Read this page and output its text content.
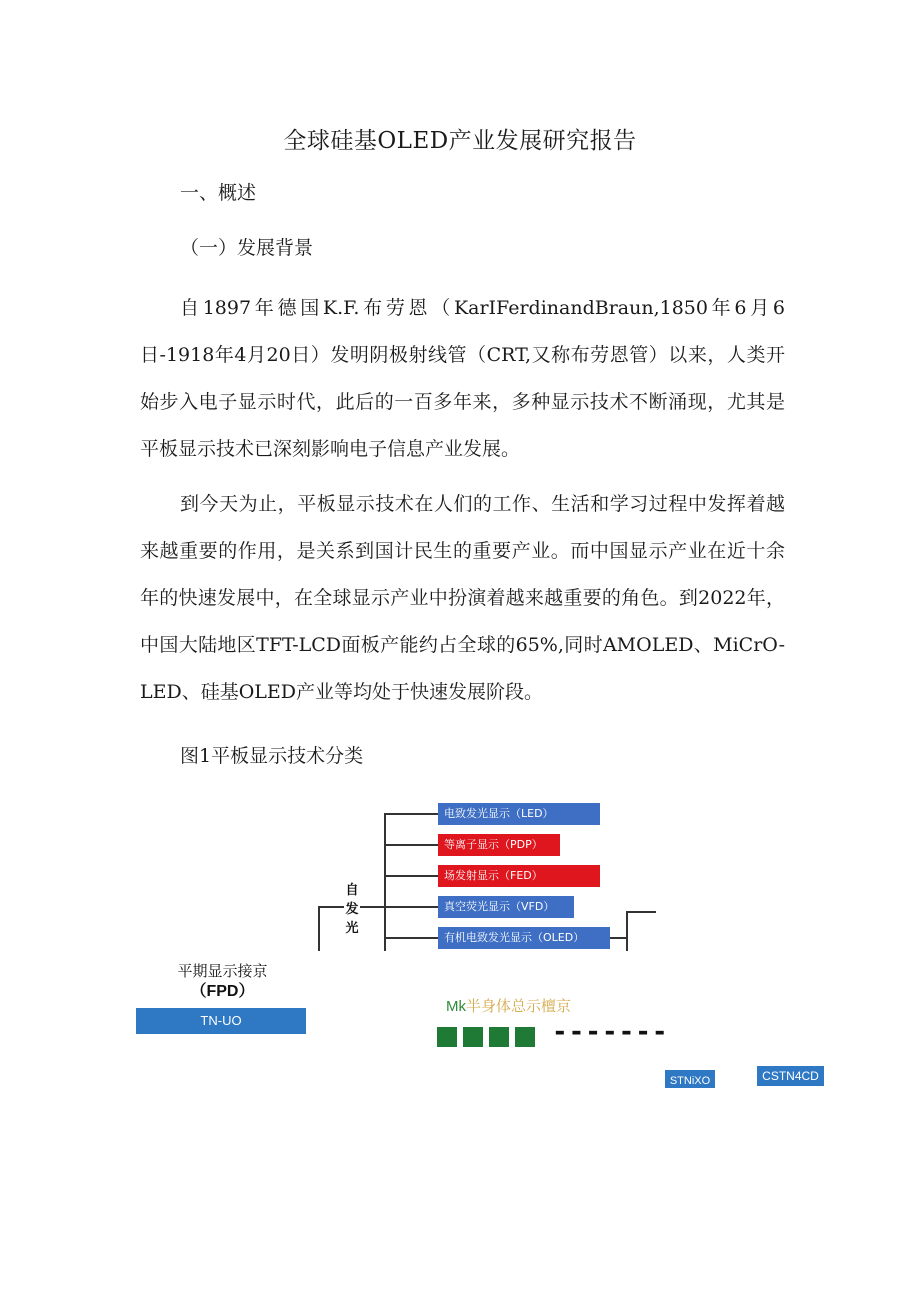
全球硅基OLED产业发展研究报告
一、概述
（一）发展背景

自1897年德国K.F.布劳恩（KarIFerdinandBraun,1850年6月6日-1918年4月20日）发明阴极射线管（CRT,又称布劳恩管）以来，人类开始步入电子显示时代，此后的一百多年来，多种显示技术不断涌现，尤其是平板显示技术已深刻影响电子信息产业发展。

到今天为止，平板显示技术在人们的工作、生活和学习过程中发挥着越来越重要的作用，是关系到国计民生的重要产业。而中国显示产业在近十余年的快速发展中，在全球显示产业中扮演着越来越重要的角色。到2022年，中国大陆地区TFT-LCD面板产能约占全球的65%,同时AMOLED、MiCrO-LED、硅基OLED产业等均处于快速发展阶段。

图1平板显示技术分类
自发光
电致发光显示（LED）
等离子显示（PDP）
场发射显示（FED）
真空荧光显示（VFD）
有机电致发光显示（OLED）
平期显示接京
（FPD）
TN-UO
Mk半身体总示檀京
-------
STNiXO	CSTN4CD
